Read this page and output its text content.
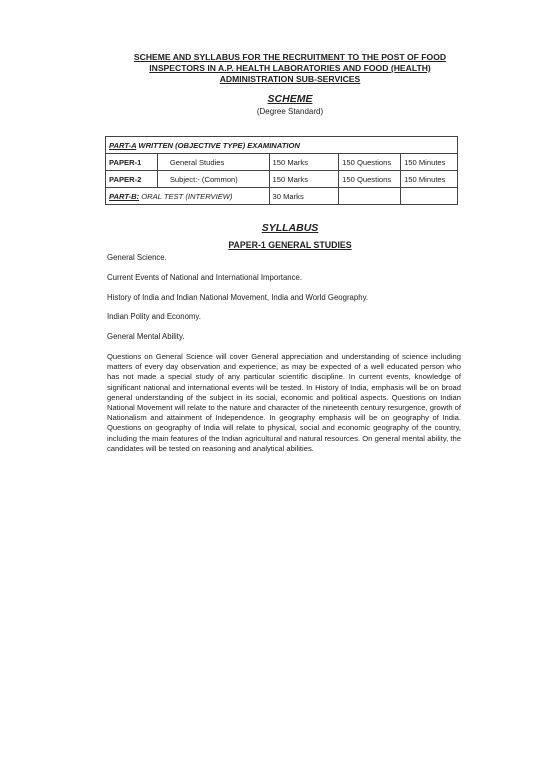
SCHEME AND SYLLABUS FOR THE RECRUITMENT TO THE POST OF FOOD
INSPECTORS IN A.P. HEALTH LABORATORIES AND FOOD (HEALTH)
ADMINISTRATION SUB-SERVICES
SCHEME
(Degree Standard)
PART-A WRITTEN (OBJECTIVE TYPE) EXAMINATION				
PAPER-1	General Studies	150 Marks	150 Questions	150 Minutes
PAPER-2	Subject:- (Common)	150 Marks	150 Questions	150 Minutes
PART-B: ORAL TEST (INTERVIEW)		30 Marks		
SYLLABUS
PAPER-1 GENERAL STUDIES
General Science.
Current Events of National and International Importance.
History of India and Indian National Movement, India and World Geography.
Indian Polity and Economy.
General Mental Ability.

Questions on General Science will cover General appreciation and understanding of science including matters of every day observation and experience, as may be expected of a well educated person who has not made a special study of any particular scientific discipline. In current events, knowledge of significant national and international events will be tested. In History of India, emphasis will be on broad general understanding of the subject in its social, economic and political aspects. Questions on Indian National Movement will relate to the nature and character of the nineteenth century resurgence, growth of Nationalism and attainment of Independence. In geography emphasis will be on geography of India. Questions on geography of India will relate to physical, social and economic geography of the country, including the main features of the Indian agricultural and natural resources. On general mental ability, the candidates will be tested on reasoning and analytical abilities.
